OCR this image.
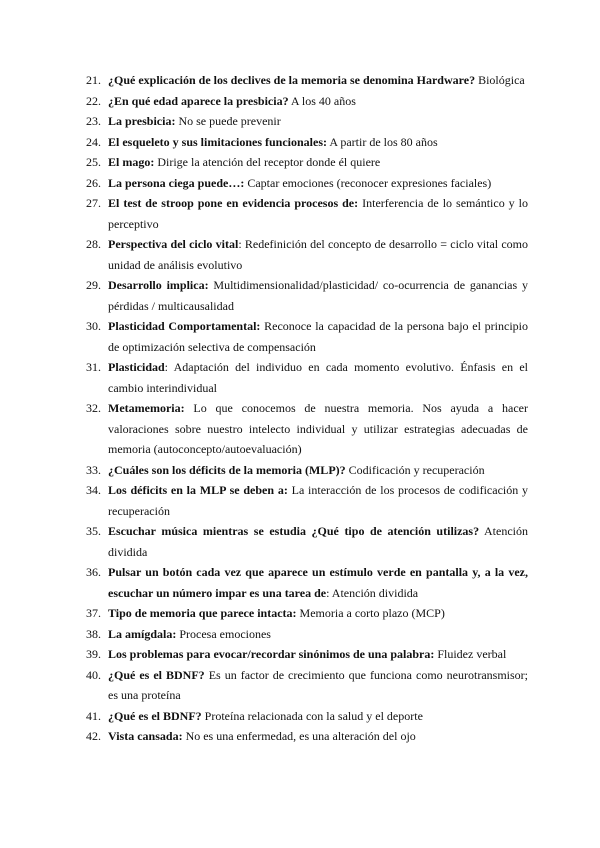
21. ¿Qué explicación de los declives de la memoria se denomina Hardware? Biológica
22. ¿En qué edad aparece la presbicia? A los 40 años
23. La presbicia: No se puede prevenir
24. El esqueleto y sus limitaciones funcionales: A partir de los 80 años
25. El mago: Dirige la atención del receptor donde él quiere
26. La persona ciega puede…: Captar emociones (reconocer expresiones faciales)
27. El test de stroop pone en evidencia procesos de: Interferencia de lo semántico y lo perceptivo
28. Perspectiva del ciclo vital: Redefinición del concepto de desarrollo = ciclo vital como unidad de análisis evolutivo
29. Desarrollo implica: Multidimensionalidad/plasticidad/ co-ocurrencia de ganancias y pérdidas / multicausalidad
30. Plasticidad Comportamental: Reconoce la capacidad de la persona bajo el principio de optimización selectiva de compensación
31. Plasticidad: Adaptación del individuo en cada momento evolutivo. Énfasis en el cambio interindividual
32. Metamemoria: Lo que conocemos de nuestra memoria. Nos ayuda a hacer valoraciones sobre nuestro intelecto individual y utilizar estrategias adecuadas de memoria (autoconcepto/autoevaluación)
33. ¿Cuáles son los déficits de la memoria (MLP)? Codificación y recuperación
34. Los déficits en la MLP se deben a: La interacción de los procesos de codificación y recuperación
35. Escuchar música mientras se estudia ¿Qué tipo de atención utilizas? Atención dividida
36. Pulsar un botón cada vez que aparece un estímulo verde en pantalla y, a la vez, escuchar un número impar es una tarea de: Atención dividida
37. Tipo de memoria que parece intacta: Memoria a corto plazo (MCP)
38. La amígdala: Procesa emociones
39. Los problemas para evocar/recordar sinónimos de una palabra: Fluidez verbal
40. ¿Qué es el BDNF? Es un factor de crecimiento que funciona como neurotransmisor; es una proteína
41. ¿Qué es el BDNF? Proteína relacionada con la salud y el deporte
42. Vista cansada: No es una enfermedad, es una alteración del ojo
